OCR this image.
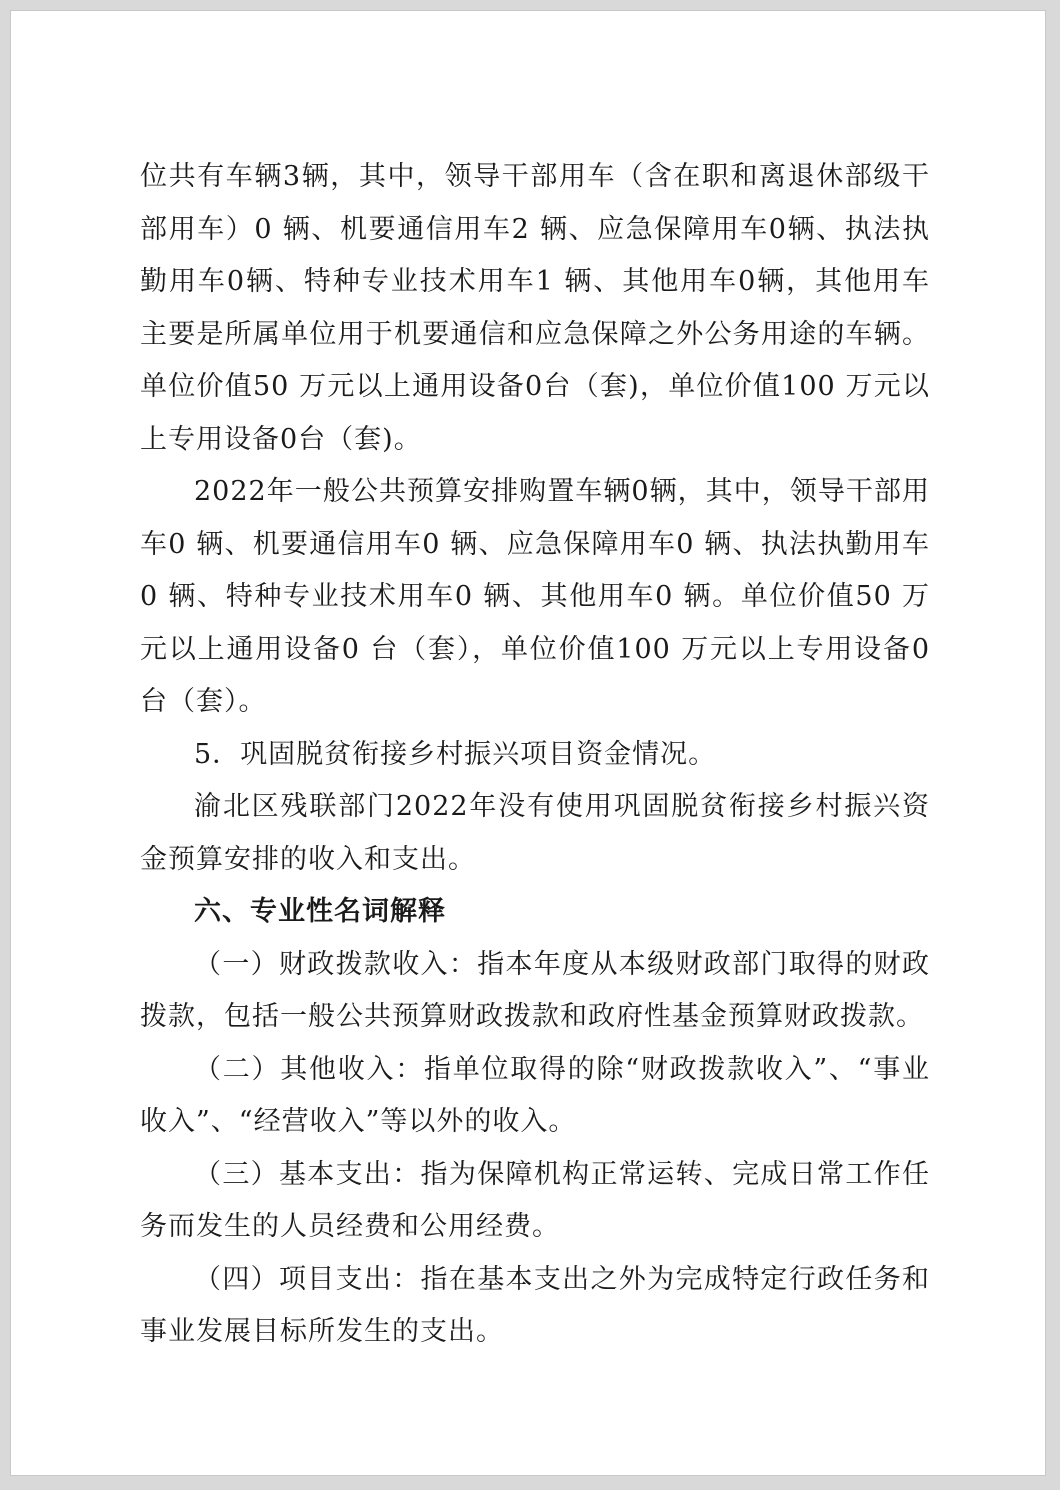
位共有车辆3辆，其中，领导干部用车（含在职和离退休部级干部用车）0 辆、机要通信用车2 辆、应急保障用车0辆、执法执勤用车0辆、特种专业技术用车1 辆、其他用车0辆，其他用车主要是所属单位用于机要通信和应急保障之外公务用途的车辆。单位价值50 万元以上通用设备0台（套)，单位价值100 万元以上专用设备0台（套)。

2022年一般公共预算安排购置车辆0辆，其中，领导干部用车0 辆、机要通信用车0 辆、应急保障用车0 辆、执法执勤用车0 辆、特种专业技术用车0 辆、其他用车0 辆。单位价值50 万元以上通用设备0 台（套），单位价值100 万元以上专用设备0 台（套）。

5．巩固脱贫衔接乡村振兴项目资金情况。

渝北区残联部门2022年没有使用巩固脱贫衔接乡村振兴资金预算安排的收入和支出。

六、专业性名词解释

（一）财政拨款收入：指本年度从本级财政部门取得的财政拨款，包括一般公共预算财政拨款和政府性基金预算财政拨款。

（二）其他收入：指单位取得的除“财政拨款收入”、“事业收入”、“经营收入”等以外的收入。

（三）基本支出：指为保障机构正常运转、完成日常工作任务而发生的人员经费和公用经费。

（四）项目支出：指在基本支出之外为完成特定行政任务和事业发展目标所发生的支出。
